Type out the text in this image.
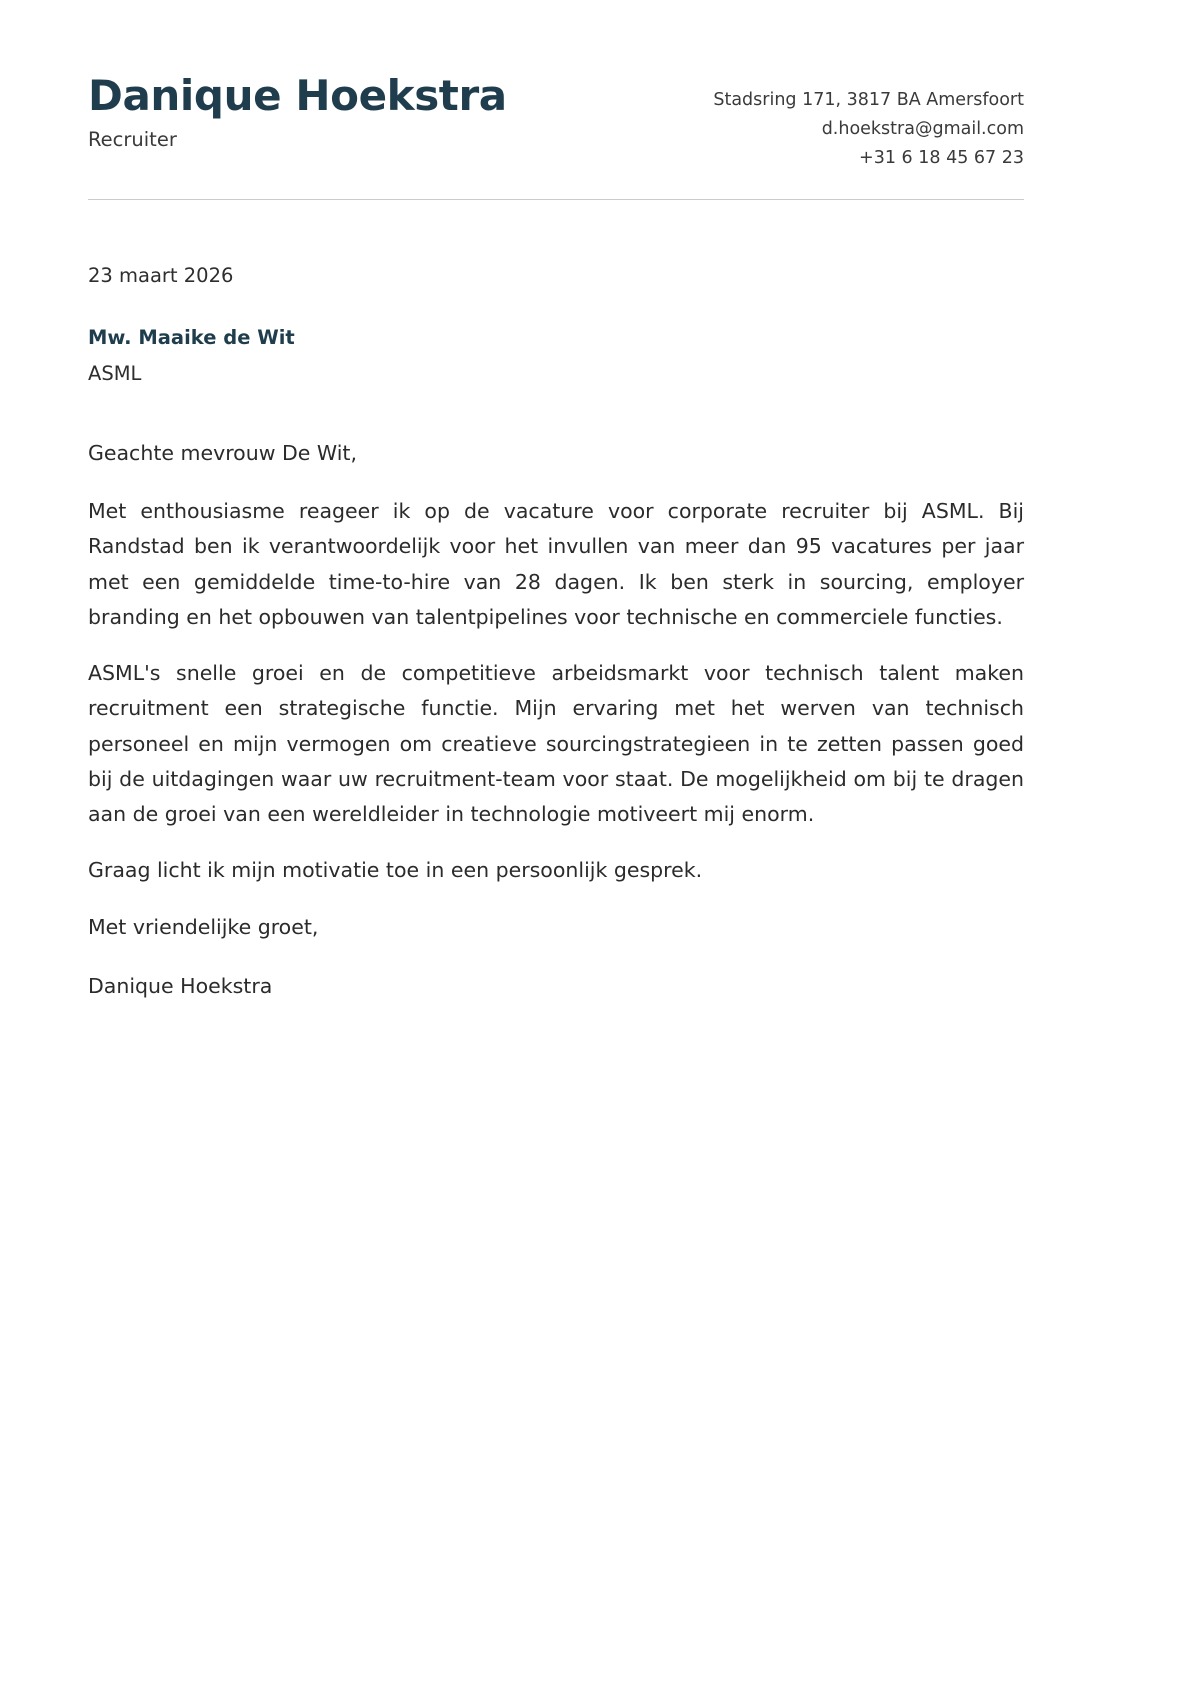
Danique Hoekstra
Recruiter
Stadsring 171, 3817 BA Amersfoort
d.hoekstra@gmail.com
+31 6 18 45 67 23
23 maart 2026
Mw. Maaike de Wit
ASML

Geachte mevrouw De Wit,

Met enthousiasme reageer ik op de vacature voor corporate recruiter bij ASML. Bij Randstad ben ik verantwoordelijk voor het invullen van meer dan 95 vacatures per jaar met een gemiddelde time-to-hire van 28 dagen. Ik ben sterk in sourcing, employer branding en het opbouwen van talentpipelines voor technische en commerciele functies.

ASML's snelle groei en de competitieve arbeidsmarkt voor technisch talent maken recruitment een strategische functie. Mijn ervaring met het werven van technisch personeel en mijn vermogen om creatieve sourcingstrategieen in te zetten passen goed bij de uitdagingen waar uw recruitment-team voor staat. De mogelijkheid om bij te dragen aan de groei van een wereldleider in technologie motiveert mij enorm.

Graag licht ik mijn motivatie toe in een persoonlijk gesprek.

Met vriendelijke groet,

Danique Hoekstra
